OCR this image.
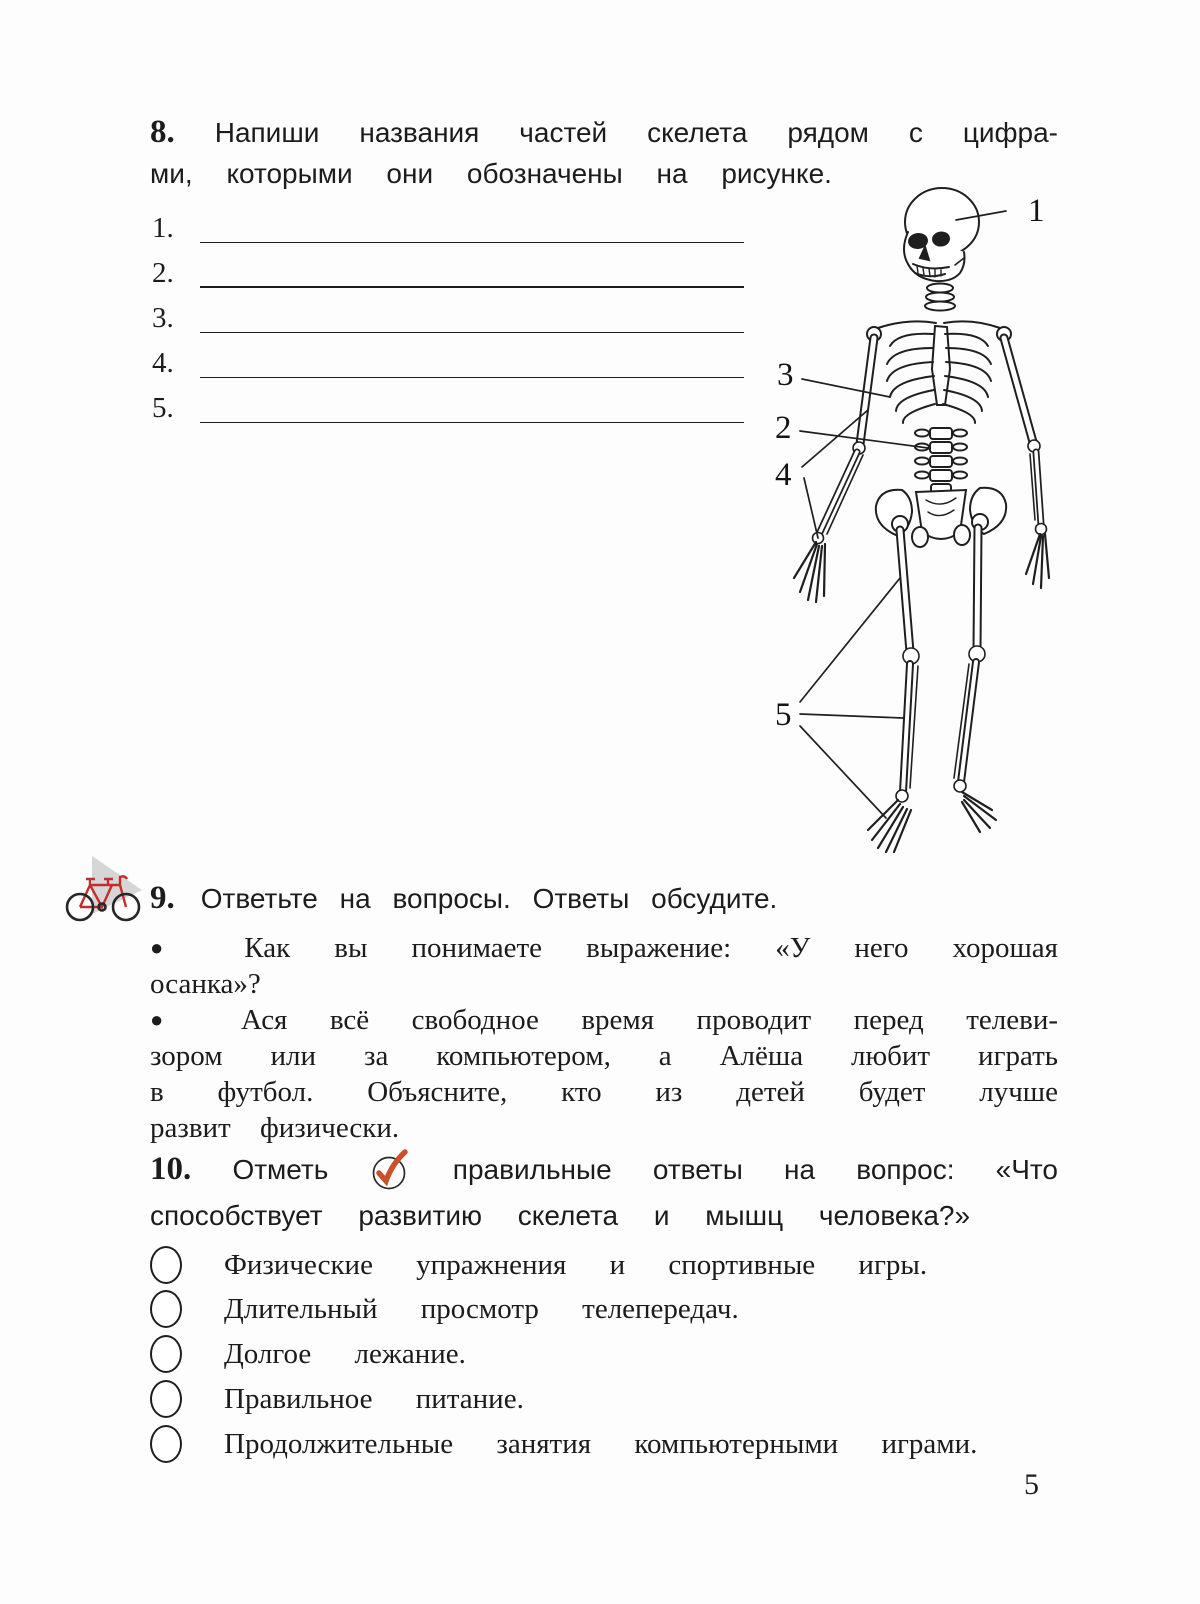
8. Напиши названия частей скелета рядом с цифра-
ми, которыми они обозначены на рисунке.
1.
2.
3.
4.
5.
1
3
2
4
5
9. Ответьте на вопросы. Ответы обсудите.
● Как вы понимаете выражение: «У него хорошая
осанка»?
● Ася всё свободное время проводит перед телеви-
зором или за компьютером, а Алёша любит играть
в футбол. Объясните, кто из детей будет лучше
развит физически.
10. Отметь	правильные ответы на вопрос: «Что
способствует развитию скелета и мышц человека?»
Физические упражнения и спортивные игры.
Длительный просмотр телепередач.
Долгое лежание.
Правильное питание.
Продолжительные занятия компьютерными играми.
5
